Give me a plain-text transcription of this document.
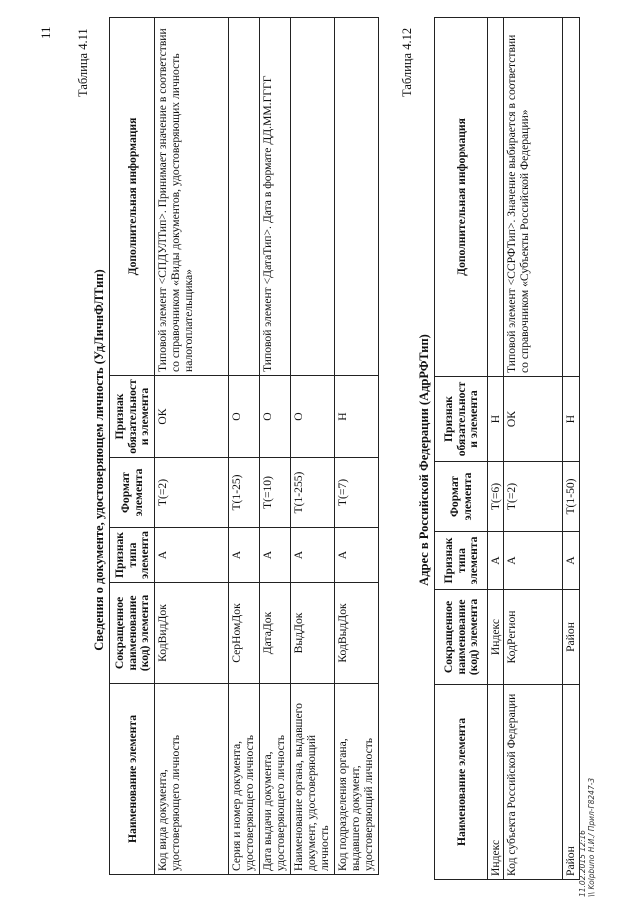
11 Таблица 4.11
Сведения о документе, удостоверяющем личность (УдЛичнФЛТип)
Наименование элемента	Сокращенное наименование (код) элемента	Признак типа элемента	Формат элемента	Признак обязательности элемента	Дополнительная информация
Код вида документа, удостоверяющего личность	КодВидДок	А	Т(=2)	ОК	Типовой элемент <СПДУЛТип>. Принимает значение в соответствии со справочником «Виды документов, удостоверяющих личность налогоплательщика»
Серия и номер документа, удостоверяющего личность	СерНомДок	А	Т(1-25)	О	
Дата выдачи документа, удостоверяющего личность	ДатаДок	А	Т(=10)	О	Типовой элемент <ДатаТип>. Дата в формате ДД.ММ.ГГГГ
Наименование органа, выдавшего документ, удостоверяющий личность	ВыдДок	А	Т(1-255)	О	
Код подразделения органа, выдавшего документ, удостоверяющий личность	КодВыдДок	А	Т(=7)	Н	
Таблица 4.12
Адрес в Российской Федерации (АдрРФТип)
Наименование элемента	Сокращенное наименование (код) элемента	Признак типа элемента	Формат элемента	Признак обязательности элемента	Дополнительная информация
Индекс	Индекс	А	Т(=6)	Н	
Код субъекта Российской Федерации	КодРегион	А	Т(=2)	ОК	Типовой элемент <ССРФТип>. Значение выбирается в соответствии со справочником «Субъекты Российской Федерации»
Район	Район	А	Т(1-50)	Н	
11.02.2015 12:16 \\ Kolpbuno Н.И./ Прил-Г8247-3
